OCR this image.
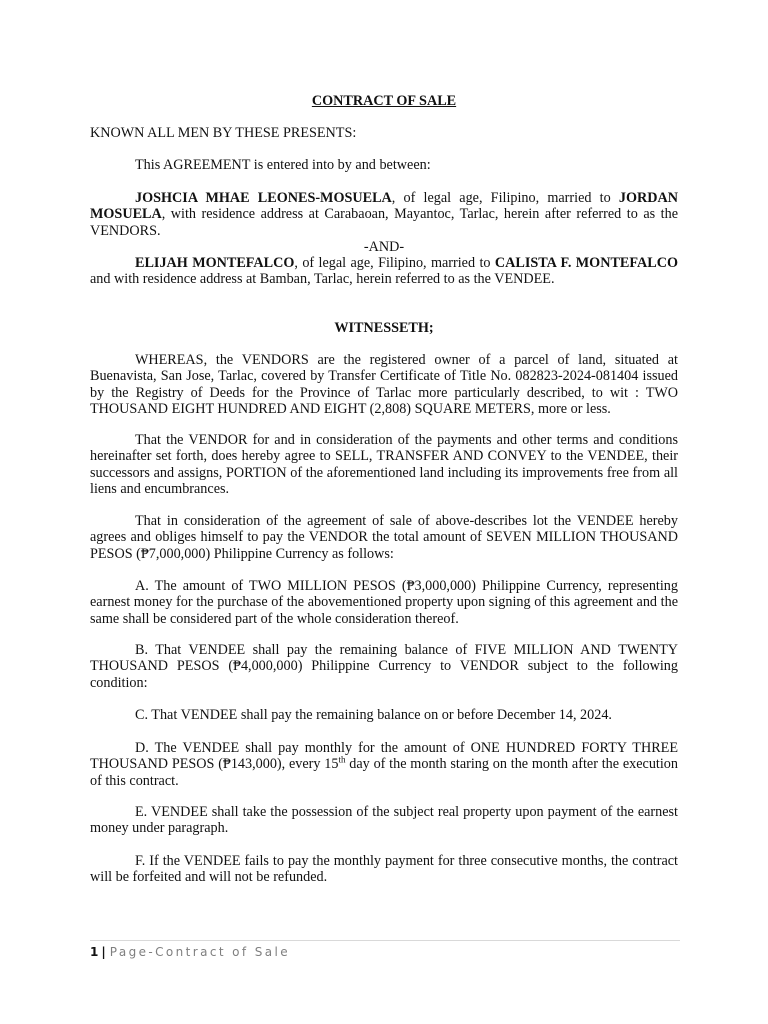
CONTRACT OF SALE

KNOWN ALL MEN BY THESE PRESENTS:

This AGREEMENT is entered into by and between:

JOSHCIA MHAE LEONES-MOSUELA, of legal age, Filipino, married to JORDAN MOSUELA, with residence address at Carabaoan, Mayantoc, Tarlac, herein after referred to as the VENDORS.

-AND-

ELIJAH MONTEFALCO, of legal age, Filipino, married to CALISTA F. MONTEFALCO and with residence address at Bamban, Tarlac, herein referred to as the VENDEE.

WITNESSETH;

WHEREAS, the VENDORS are the registered owner of a parcel of land, situated at Buenavista, San Jose, Tarlac, covered by Transfer Certificate of Title No. 082823-2024-081404 issued by the Registry of Deeds for the Province of Tarlac more particularly described, to wit : TWO THOUSAND EIGHT HUNDRED AND EIGHT (2,808) SQUARE METERS, more or less.

That the VENDOR for and in consideration of the payments and other terms and conditions hereinafter set forth, does hereby agree to SELL, TRANSFER AND CONVEY to the VENDEE, their successors and assigns, PORTION of the aforementioned land including its improvements free from all liens and encumbrances.

That in consideration of the agreement of sale of above-describes lot the VENDEE hereby agrees and obliges himself to pay the VENDOR the total amount of SEVEN MILLION THOUSAND PESOS (₱7,000,000) Philippine Currency as follows:

A. The amount of TWO MILLION PESOS (₱3,000,000) Philippine Currency, representing earnest money for the purchase of the abovementioned property upon signing of this agreement and the same shall be considered part of the whole consideration thereof.

B. That VENDEE shall pay the remaining balance of FIVE MILLION AND TWENTY THOUSAND PESOS (₱4,000,000) Philippine Currency to VENDOR subject to the following condition:

C. That VENDEE shall pay the remaining balance on or before December 14, 2024.

D. The VENDEE shall pay monthly for the amount of ONE HUNDRED FORTY THREE THOUSAND PESOS (₱143,000), every 15th day of the month staring on the month after the execution of this contract.

E. VENDEE shall take the possession of the subject real property upon payment of the earnest money under paragraph.

F. If the VENDEE fails to pay the monthly payment for three consecutive months, the contract will be forfeited and will not be refunded.

1 | Page-Contract of Sale
